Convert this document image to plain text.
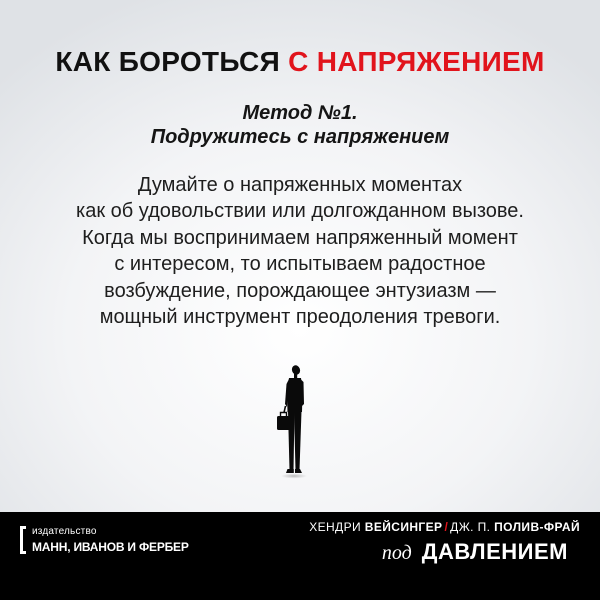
КАК БОРОТЬСЯ С НАПРЯЖЕНИЕМ
Метод №1.
Подружитесь с напряжением
Думайте о напряженных моментах
как об удовольствии или долгожданном вызове.
Когда мы воспринимаем напряженный момент
с интересом, то испытываем радостное
возбуждение, порождающее энтузиазм —
мощный инструмент преодоления тревоги.
издательство
МАНН, ИВАНОВ И ФЕРБЕР
ХЕНДРИ ВЕЙСИНГЕР / ДЖ. П. ПОЛИВ-ФРАЙ
под ДАВЛЕНИЕМ
